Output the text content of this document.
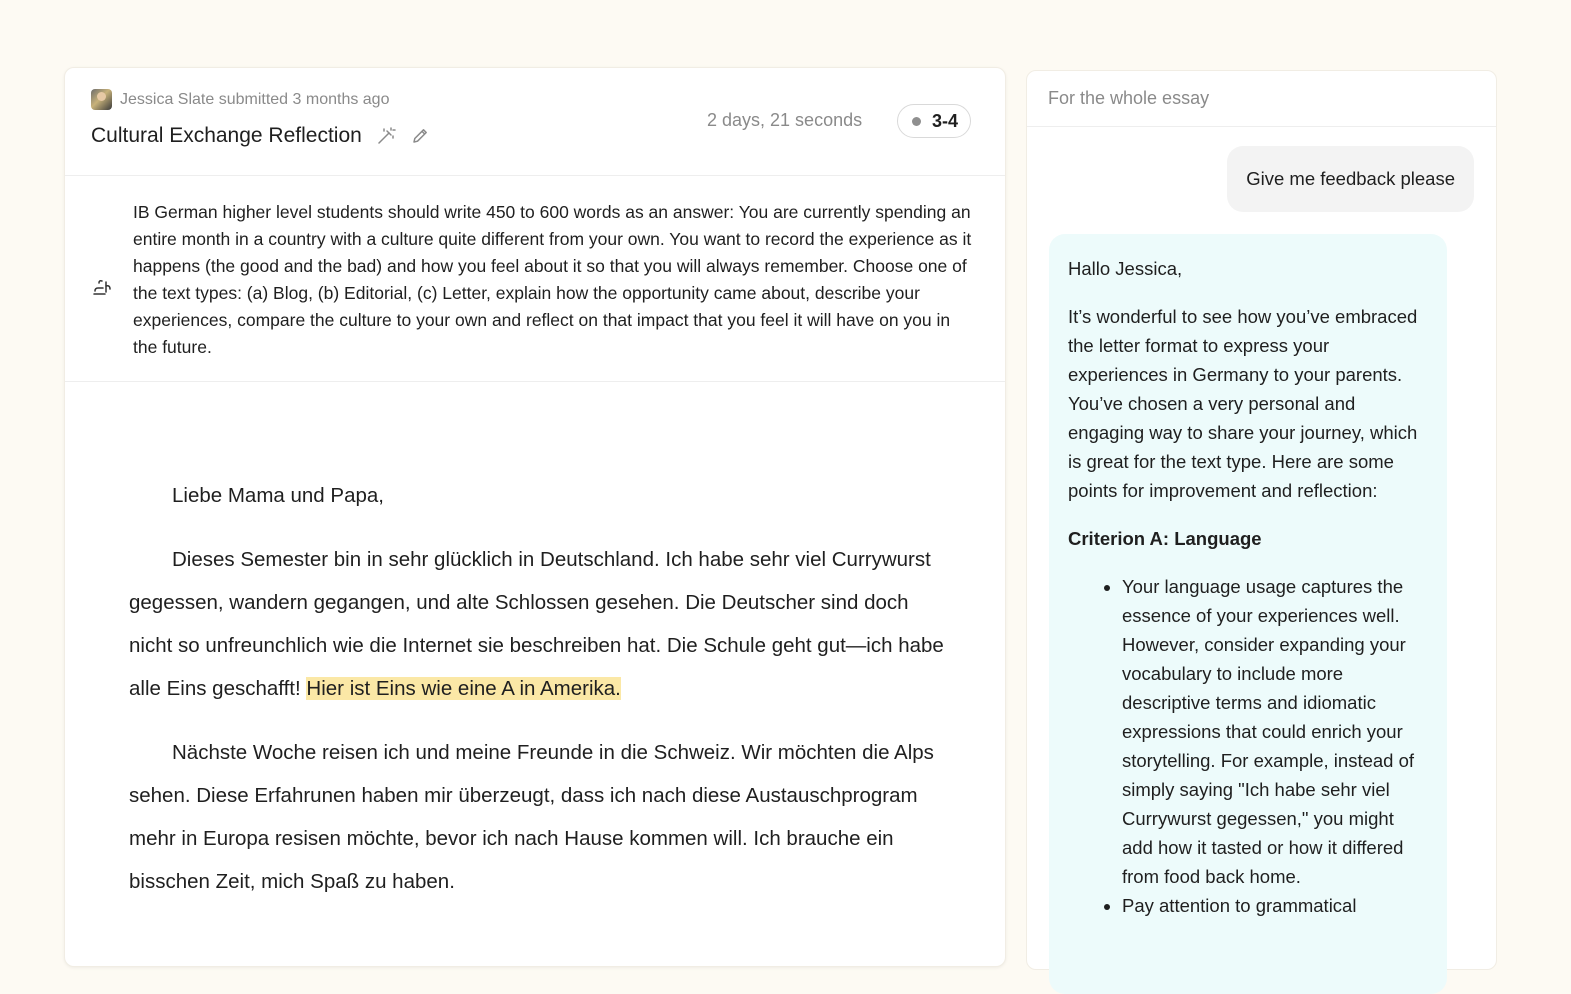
Jessica Slate submitted 3 months ago
Cultural Exchange Reflection
2 days, 21 seconds	3-4
IB German higher level students should write 450 to 600 words as an answer: You are currently spending an entire month in a country with a culture quite different from your own. You want to record the experience as it happens (the good and the bad) and how you feel about it so that you will always remember. Choose one of the text types: (a) Blog, (b) Editorial, (c) Letter, explain how the opportunity came about, describe your experiences, compare the culture to your own and reflect on that impact that you feel it will have on you in the future.

Liebe Mama und Papa,

Dieses Semester bin in sehr glücklich in Deutschland. Ich habe sehr viel Currywurst gegessen, wandern gegangen, und alte Schlossen gesehen. Die Deutscher sind doch nicht so unfreunchlich wie die Internet sie beschreiben hat. Die Schule geht gut—ich habe alle Eins geschafft! Hier ist Eins wie eine A in Amerika.

Nächste Woche reisen ich und meine Freunde in die Schweiz. Wir möchten die Alps sehen. Diese Erfahrunen haben mir überzeugt, dass ich nach diese Austauschprogram mehr in Europa resisen möchte, bevor ich nach Hause kommen will. Ich brauche ein bisschen Zeit, mich Spaß zu haben.

For the whole essay
Give me feedback please

Hallo Jessica,

It’s wonderful to see how you’ve embraced the letter format to express your experiences in Germany to your parents. You’ve chosen a very personal and engaging way to share your journey, which is great for the text type. Here are some points for improvement and reflection:

Criterion A: Language

• Your language usage captures the essence of your experiences well. However, consider expanding your vocabulary to include more descriptive terms and idiomatic expressions that could enrich your storytelling. For example, instead of simply saying "Ich habe sehr viel Currywurst gegessen," you might add how it tasted or how it differed from food back home.
• Pay attention to grammatical
